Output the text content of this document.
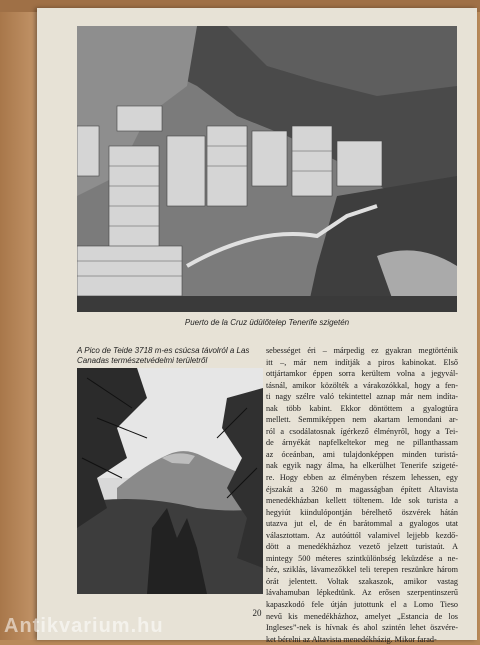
Puerto de la Cruz üdülőtelep Tenerife szigetén
A Pico de Teide 3718 m-es csúcsa távolról a Las Canadas természetvédelmi területről
sebességet éri – márpedig ez gyakran megtörténik
itt –, már nem indítják a piros kabinokat. Első
ottjártamkor éppen sorra kerültem volna a jegyvál-
tásnál, amikor közölték a várakozókkal, hogy a fen-
ti nagy szélre való tekintettel aznap már nem indíta-
nak több kabint. Ekkor döntöttem a gyalogtúra
mellett. Semmiképpen nem akartam lemondani ar-
ról a csodálatosnak ígérkező élményről, hogy a Tei-
de árnyékát napfelkeltekor meg ne pillanthassam
az óceánban, ami tulajdonképpen minden turistá-
nak egyik nagy álma, ha elkerülhet Tenerife szigeté-
re. Hogy ebben az élményben részem lehessen, egy
éjszakát a 3260 m magasságban épített Altavista
menedékházban kellett töltenem. Ide sok turista a
hegyiút kiindulópontján bérelhető öszvérek hátán
utazva jut el, de én barátommal a gyalogos utat
választottam. Az autóúttól valamivel lejjebb kezdő-
dött a menedékházhoz vezető jelzett turistaút. A
mintegy 500 méteres szintkülönbség leküzdése a ne-
héz, sziklás, lávamezőkkel teli terepen reszünkre három
órát jelentett. Voltak szakaszok, amikor vastag
lávahamuban lépkedtünk. Az erősen szerpentinszerű
kapaszkodó fele útján jutottunk el a Lomo Tieso
nevű kis menedékházhoz, amelyet „Estancia de los
Ingleses”-nek is hívnak és ahol szintén lehet öszvére-
ket bérelni az Altavista menedékházig. Mikor farad-
20
Antikvarium.hu
